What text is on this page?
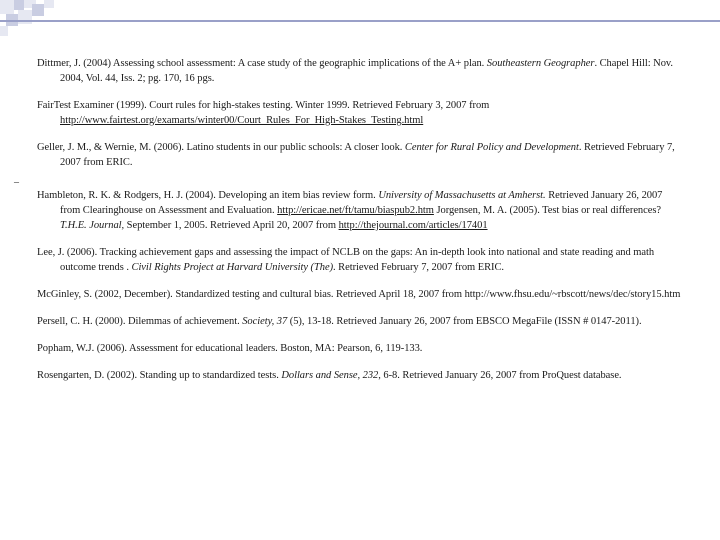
Dittmer, J. (2004) Assessing school assessment: A case study of the geographic implications of the A+ plan. Southeastern Geographer. Chapel Hill: Nov. 2004, Vol. 44, Iss. 2; pg. 170, 16 pgs.

FairTest Examiner (1999). Court rules for high-stakes testing. Winter 1999. Retrieved February 3, 2007 from http://www.fairtest.org/examarts/winter00/Court_Rules_For_High-Stakes_Testing.html

Geller, J. M., & Wernie, M. (2006). Latino students in our public schools: A closer look. Center for Rural Policy and Development. Retrieved February 7, 2007 from ERIC.

–

Hambleton, R. K. & Rodgers, H. J. (2004). Developing an item bias review form. University of Massachusetts at Amherst. Retrieved January 26, 2007 from Clearinghouse on Assessment and Evaluation. http://ericae.net/ft/tamu/biaspub2.htm Jorgensen, M. A. (2005). Test bias or real differences? T.H.E. Journal, September 1, 2005. Retrieved April 20, 2007 from http://thejournal.com/articles/17401

Lee, J. (2006). Tracking achievement gaps and assessing the impact of NCLB on the gaps: An in-depth look into national and state reading and math outcome trends . Civil Rights Project at Harvard University (The). Retrieved February 7, 2007 from ERIC.

McGinley, S. (2002, December). Standardized testing and cultural bias. Retrieved April 18, 2007 from http://www.fhsu.edu/~rbscott/news/dec/story15.htm

Persell, C. H. (2000). Dilemmas of achievement. Society, 37 (5), 13-18. Retrieved January 26, 2007 from EBSCO MegaFile (ISSN # 0147-2011).

Popham, W.J. (2006). Assessment for educational leaders. Boston, MA: Pearson, 6, 119-133.

Rosengarten, D. (2002). Standing up to standardized tests. Dollars and Sense, 232, 6-8. Retrieved January 26, 2007 from ProQuest database.
